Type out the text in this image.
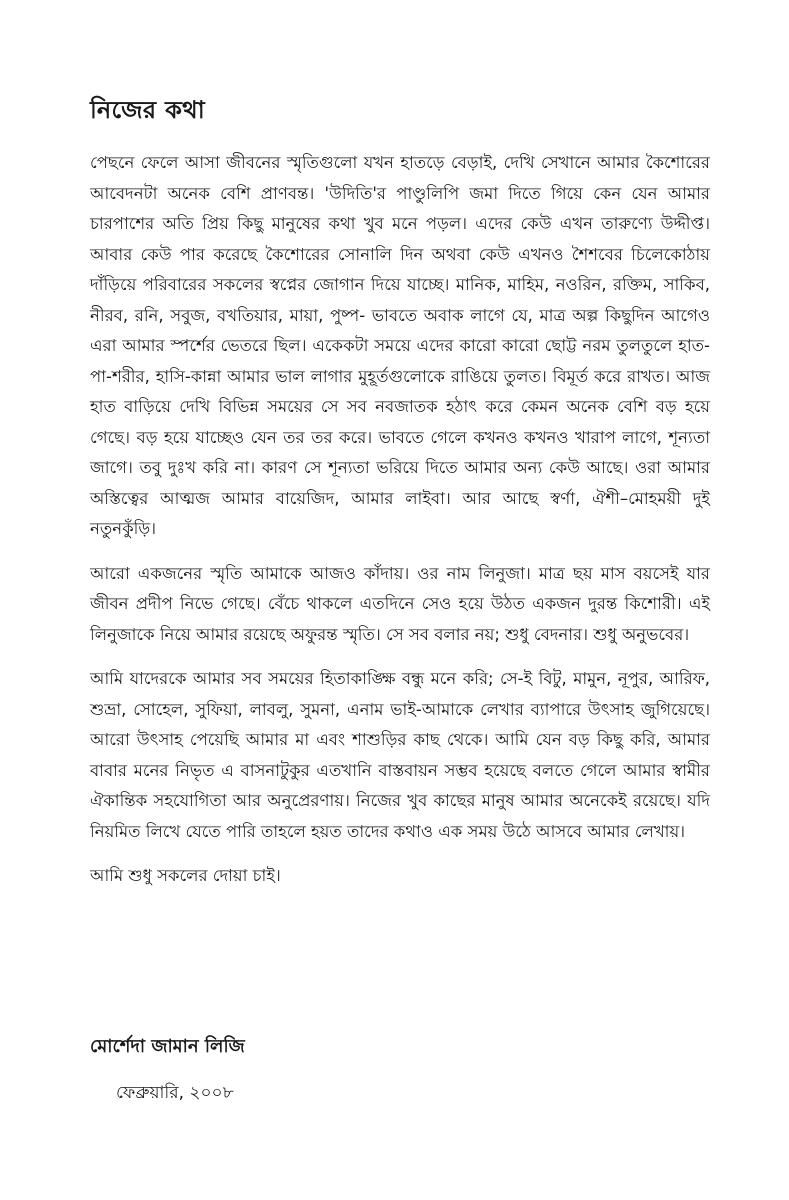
নিজের কথা

পেছনে ফেলে আসা জীবনের স্মৃতিগুলো যখন হাতড়ে বেড়াই, দেখি সেখানে আমার কৈশোরের আবেদনটা অনেক বেশি প্রাণবন্ত। 'উদিতি'র পাণ্ডুলিপি জমা দিতে গিয়ে কেন যেন আমার চারপাশের অতি প্রিয় কিছু মানুষের কথা খুব মনে পড়ল। এদের কেউ এখন তারুণ্যে উদ্দীপ্ত। আবার কেউ পার করেছে কৈশোরের সোনালি দিন অথবা কেউ এখনও শৈশবের চিলেকোঠায় দাঁড়িয়ে পরিবারের সকলের স্বপ্নের জোগান দিয়ে যাচ্ছে। মানিক, মাহিম, নওরিন, রক্তিম, সাকিব, নীরব, রনি, সবুজ, বখতিয়ার, মায়া, পুষ্প- ভাবতে অবাক লাগে যে, মাত্র অল্প কিছুদিন আগেও এরা আমার স্পর্শের ভেতরে ছিল। একেকটা সময়ে এদের কারো কারো ছোট্ট নরম তুলতুলে হাত-পা-শরীর, হাসি-কান্না আমার ভাল লাগার মুহূর্তগুলোকে রাঙিয়ে তুলত। বিমূর্ত করে রাখত। আজ হাত বাড়িয়ে দেখি বিভিন্ন সময়ের সে সব নবজাতক হঠাৎ করে কেমন অনেক বেশি বড় হয়ে গেছে। বড় হয়ে যাচ্ছেও যেন তর তর করে। ভাবতে গেলে কখনও কখনও খারাপ লাগে, শূন্যতা জাগে। তবু দুঃখ করি না। কারণ সে শূন্যতা ভরিয়ে দিতে আমার অন্য কেউ আছে। ওরা আমার অস্তিত্বের আত্মজ আমার বায়েজিদ, আমার লাইবা। আর আছে স্বর্ণা, ঐশী–মোহময়ী দুই নতুনকুঁড়ি।

আরো একজনের স্মৃতি আমাকে আজও কাঁদায়। ওর নাম লিনুজা। মাত্র ছয় মাস বয়সেই যার জীবন প্রদীপ নিভে গেছে। বেঁচে থাকলে এতদিনে সেও হয়ে উঠত একজন দুরন্ত কিশোরী। এই লিনুজাকে নিয়ে আমার রয়েছে অফুরন্ত স্মৃতি। সে সব বলার নয়; শুধু বেদনার। শুধু অনুভবের।

আমি যাদেরকে আমার সব সময়ের হিতাকাঙ্ক্ষি বন্ধু মনে করি; সে-ই বিটু, মামুন, নূপুর, আরিফ, শুভ্রা, সোহেল, সুফিয়া, লাবলু, সুমনা, এনাম ভাই-আমাকে লেখার ব্যাপারে উৎসাহ জুগিয়েছে। আরো উৎসাহ পেয়েছি আমার মা এবং শাশুড়ির কাছ থেকে। আমি যেন বড় কিছু করি, আমার বাবার মনের নিভৃত এ বাসনাটুকুর এতখানি বাস্তবায়ন সম্ভব হয়েছে বলতে গেলে আমার স্বামীর ঐকান্তিক সহযোগিতা আর অনুপ্রেরণায়। নিজের খুব কাছের মানুষ আমার অনেকেই রয়েছে। যদি নিয়মিত লিখে যেতে পারি তাহলে হয়ত তাদের কথাও এক সময় উঠে আসবে আমার লেখায়।

আমি শুধু সকলের দোয়া চাই।

মোর্শেদা জামান লিজি

ফেব্রুয়ারি, ২০০৮
